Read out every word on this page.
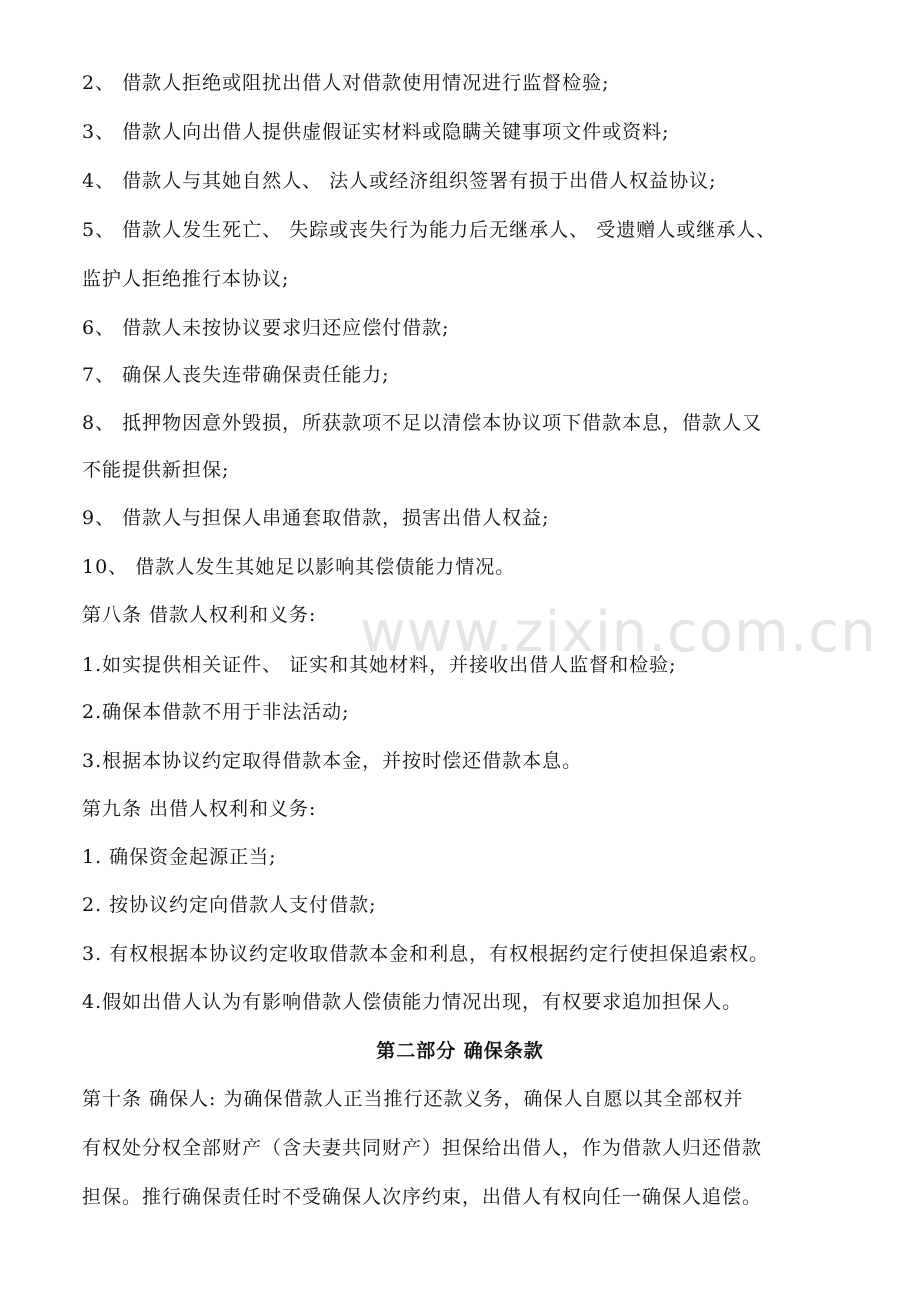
www.zixin.com.cn
2、 借款人拒绝或阻扰出借人对借款使用情况进行监督检验;
3、 借款人向出借人提供虚假证实材料或隐瞒关键事项文件或资料;
4、 借款人与其她自然人、 法人或经济组织签署有损于出借人权益协议;
5、 借款人发生死亡、 失踪或丧失行为能力后无继承人、 受遗赠人或继承人、
监护人拒绝推行本协议;
6、 借款人未按协议要求归还应偿付借款;
7、 确保人丧失连带确保责任能力;
8、 抵押物因意外毁损，所获款项不足以清偿本协议项下借款本息，借款人又
不能提供新担保;
9、 借款人与担保人串通套取借款，损害出借人权益;
10、 借款人发生其她足以影响其偿债能力情况。
第八条 借款人权利和义务:
1.如实提供相关证件、 证实和其她材料，并接收出借人监督和检验;
2.确保本借款不用于非法活动;
3.根据本协议约定取得借款本金，并按时偿还借款本息。
第九条 出借人权利和义务:
1. 确保资金起源正当;
2. 按协议约定向借款人支付借款;
3. 有权根据本协议约定收取借款本金和利息，有权根据约定行使担保追索权。
4.假如出借人认为有影响借款人偿债能力情况出现，有权要求追加担保人。
第二部分 确保条款
第十条 确保人: 为确保借款人正当推行还款义务，确保人自愿以其全部权并
有权处分权全部财产（含夫妻共同财产）担保给出借人，作为借款人归还借款
担保。推行确保责任时不受确保人次序约束，出借人有权向任一确保人追偿。
